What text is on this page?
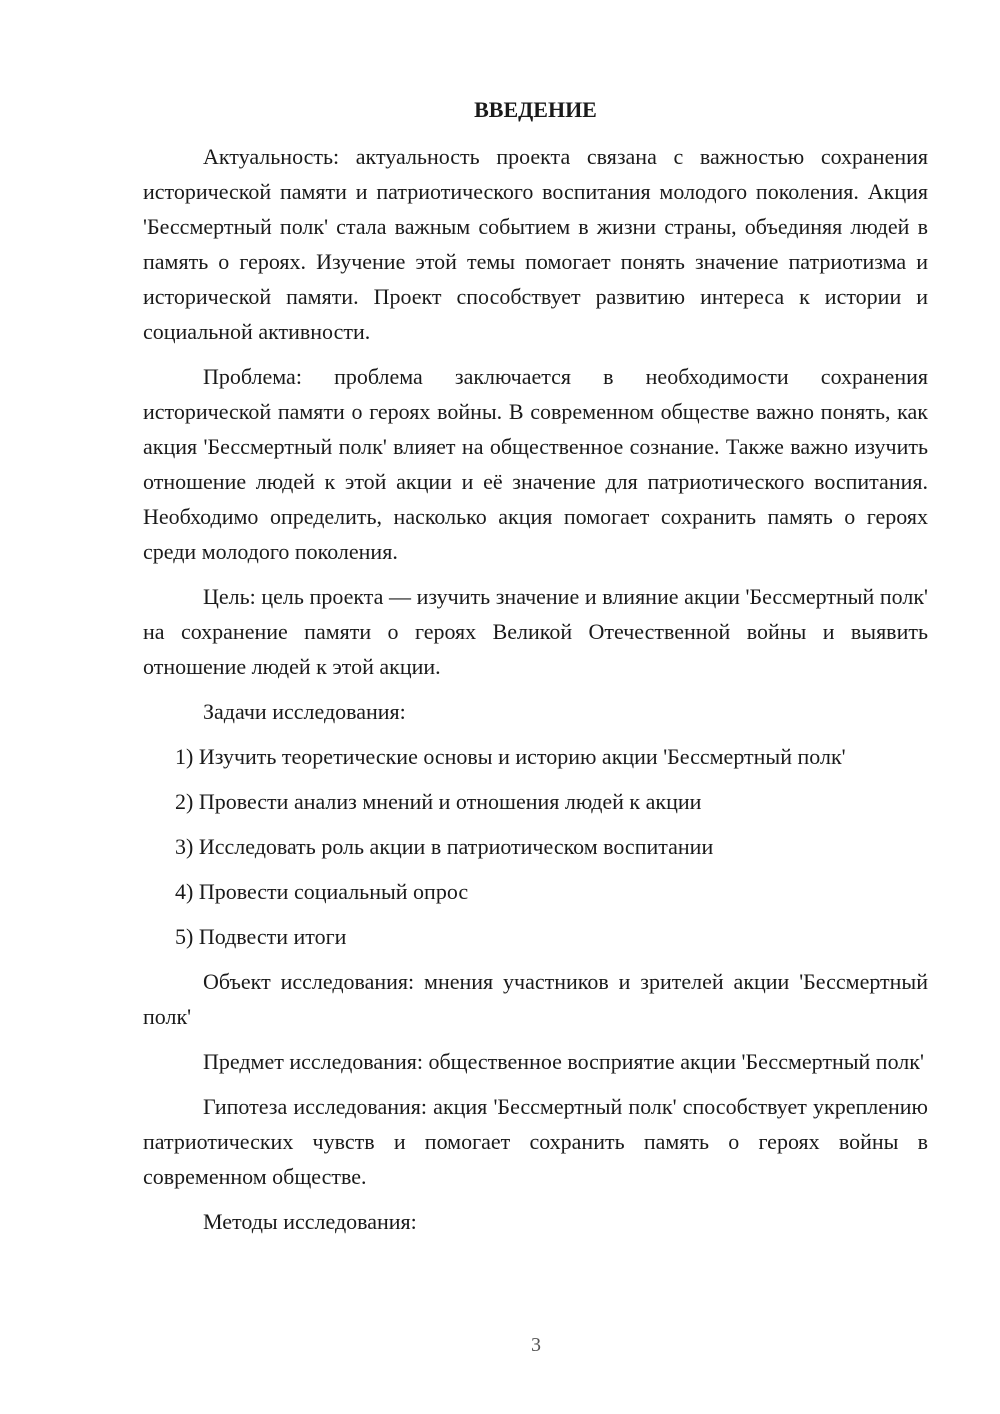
ВВЕДЕНИЕ

Актуальность: актуальность проекта связана с важностью сохранения исторической памяти и патриотического воспитания молодого поколения. Акция 'Бессмертный полк' стала важным событием в жизни страны, объединяя людей в память о героях. Изучение этой темы помогает понять значение патриотизма и исторической памяти. Проект способствует развитию интереса к истории и социальной активности.

Проблема: проблема заключается в необходимости сохранения исторической памяти о героях войны. В современном обществе важно понять, как акция 'Бессмертный полк' влияет на общественное сознание. Также важно изучить отношение людей к этой акции и её значение для патриотического воспитания. Необходимо определить, насколько акция помогает сохранить память о героях среди молодого поколения.

Цель: цель проекта — изучить значение и влияние акции 'Бессмертный полк' на сохранение памяти о героях Великой Отечественной войны и выявить отношение людей к этой акции.

Задачи исследования:

1) Изучить теоретические основы и историю акции 'Бессмертный полк'
2) Провести анализ мнений и отношения людей к акции
3) Исследовать роль акции в патриотическом воспитании
4) Провести социальный опрос
5) Подвести итоги

Объект исследования: мнения участников и зрителей акции 'Бессмертный полк'

Предмет исследования: общественное восприятие акции 'Бессмертный полк'

Гипотеза исследования: акция 'Бессмертный полк' способствует укреплению патриотических чувств и помогает сохранить память о героях войны в современном обществе.

Методы исследования:

3
